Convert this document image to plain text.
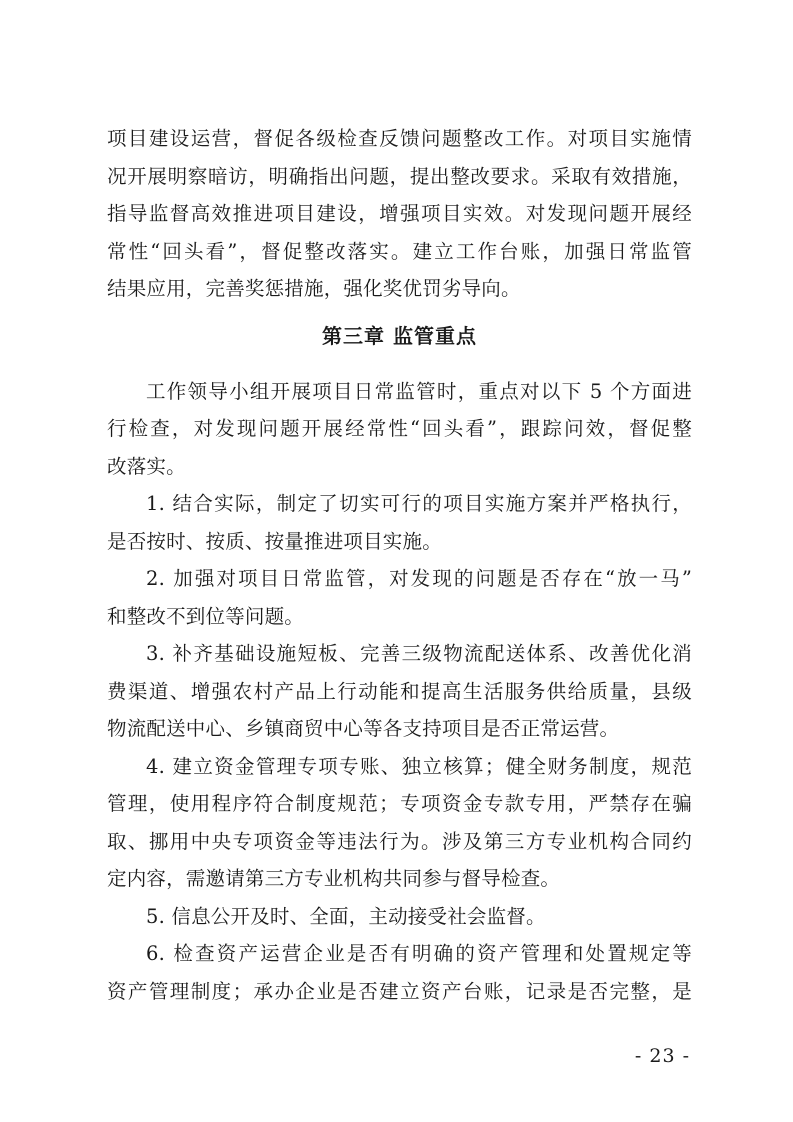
项目建设运营，督促各级检查反馈问题整改工作。对项目实施情
况开展明察暗访，明确指出问题，提出整改要求。采取有效措施，
指导监督高效推进项目建设，增强项目实效。对发现问题开展经
常性“回头看”，督促整改落实。建立工作台账，加强日常监管
结果应用，完善奖惩措施，强化奖优罚劣导向。
第三章 监管重点
工作领导小组开展项目日常监管时，重点对以下 5 个方面进
行检查，对发现问题开展经常性“回头看”，跟踪问效，督促整
改落实。
1. 结合实际，制定了切实可行的项目实施方案并严格执行，
是否按时、按质、按量推进项目实施。
2. 加强对项目日常监管，对发现的问题是否存在“放一马”
和整改不到位等问题。
3. 补齐基础设施短板、完善三级物流配送体系、改善优化消
费渠道、增强农村产品上行动能和提高生活服务供给质量，县级
物流配送中心、乡镇商贸中心等各支持项目是否正常运营。
4. 建立资金管理专项专账、独立核算；健全财务制度，规范
管理，使用程序符合制度规范；专项资金专款专用，严禁存在骗
取、挪用中央专项资金等违法行为。涉及第三方专业机构合同约
定内容，需邀请第三方专业机构共同参与督导检查。
5. 信息公开及时、全面，主动接受社会监督。
6. 检查资产运营企业是否有明确的资产管理和处置规定等
资产管理制度；承办企业是否建立资产台账，记录是否完整，是
- 23 -
